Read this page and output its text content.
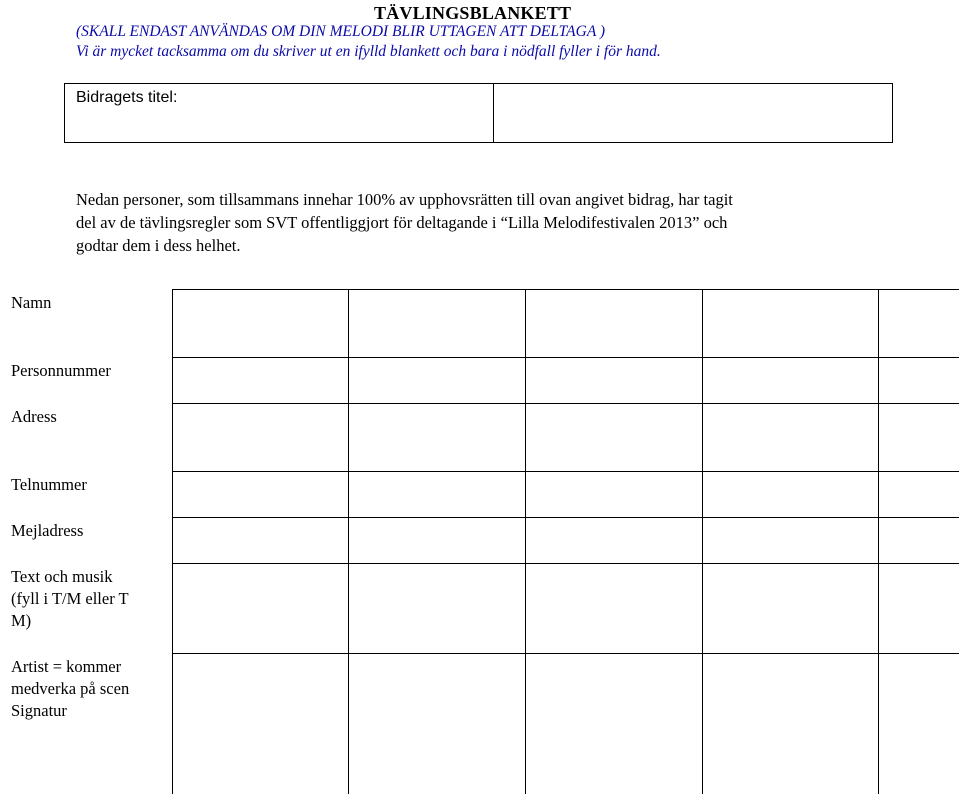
TÄVLINGSBLANKETT
(SKALL ENDAST ANVÄNDAS OM DIN MELODI BLIR UTTAGEN ATT DELTAGA )
Vi är mycket tacksamma om du skriver ut en ifylld blankett och bara i nödfall fyller i för hand.
Bidragets titel:
Nedan personer, som tillsammans innehar 100% av upphovsrätten till ovan angivet bidrag, har tagit
del av de tävlingsregler som SVT offentliggjort för deltagande i “Lilla Melodifestivalen 2013” och
godtar dem i dess helhet.
Namn					

Personnummer					

Adress					

Telnummer					

Mejladress					

Text och musik
(fyll i T/M eller T
M)					

Artist = kommer
medverka på scen
Signatur					
